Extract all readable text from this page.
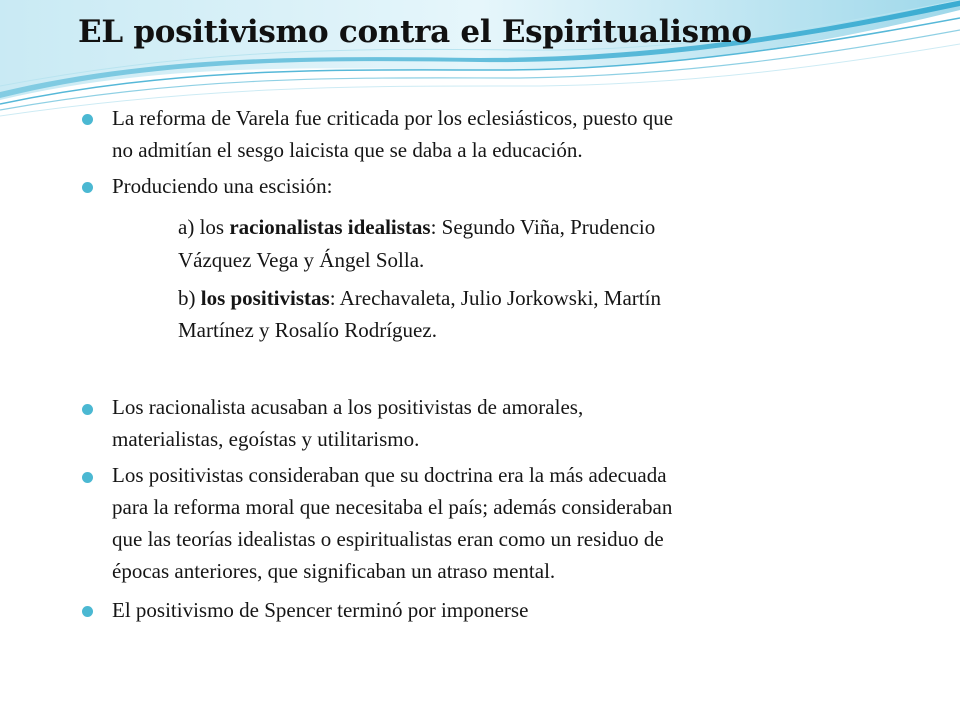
EL positivismo contra el Espiritualismo
La reforma de Varela fue criticada por los eclesiásticos, puesto que
no admitían el sesgo laicista que se daba a la educación.
Produciendo una escisión:
a) los racionalistas idealistas: Segundo Viña, Prudencio
Vázquez Vega y Ángel Solla.
b) los positivistas: Arechavaleta, Julio Jorkowski, Martín
Martínez y Rosalío Rodríguez.
Los racionalista acusaban a los positivistas de amorales,
materialistas, egoístas y utilitarismo.
Los positivistas consideraban que su doctrina era la más adecuada
para la reforma moral que necesitaba el país; además consideraban
que las teorías idealistas o espiritualistas eran como un residuo de
épocas anteriores, que significaban un atraso mental.
El positivismo de Spencer terminó por imponerse
